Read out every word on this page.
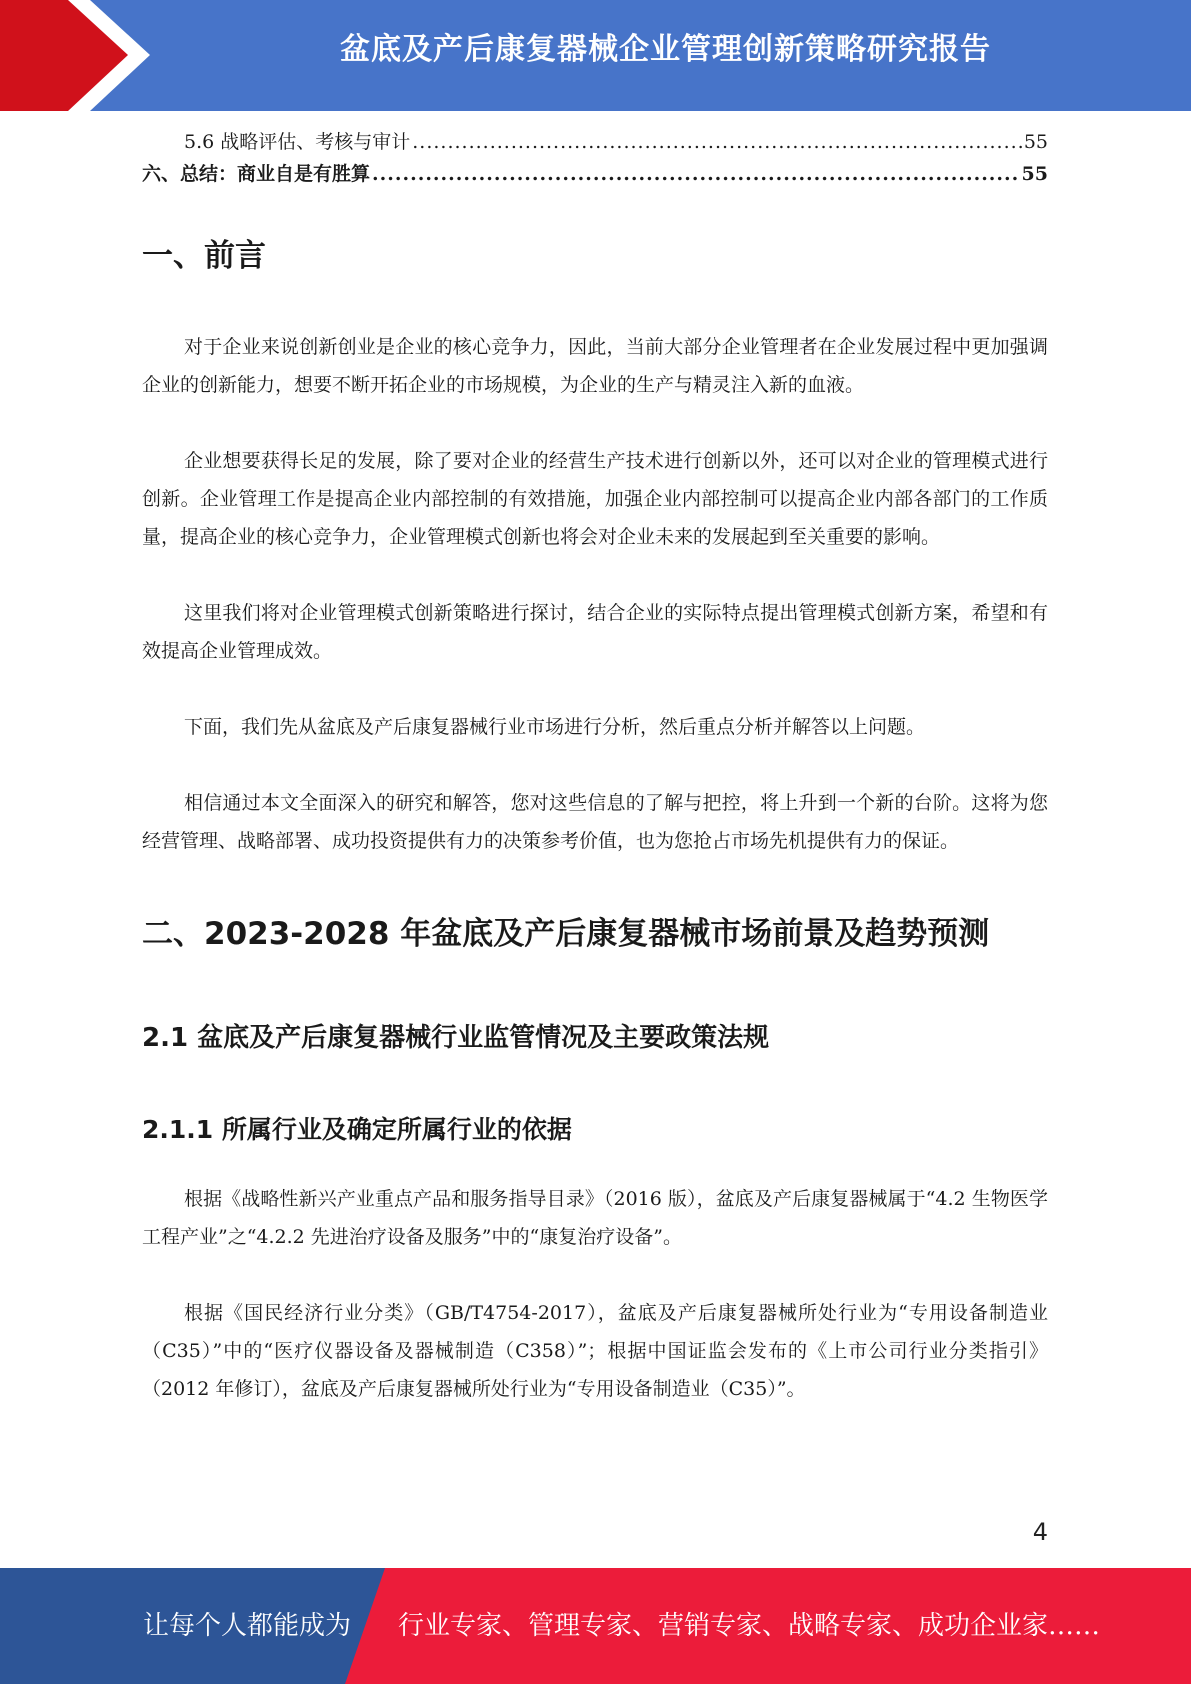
盆底及产后康复器械企业管理创新策略研究报告
5.6 战略评估、考核与审计 .....	55
六、总结：商业自是有胜算 .....	55
一、前言

对于企业来说创新创业是企业的核心竞争力，因此，当前大部分企业管理者在企业发展过程中更加强调企业的创新能力，想要不断开拓企业的市场规模，为企业的生产与精灵注入新的血液。

企业想要获得长足的发展，除了要对企业的经营生产技术进行创新以外，还可以对企业的管理模式进行创新。企业管理工作是提高企业内部控制的有效措施，加强企业内部控制可以提高企业内部各部门的工作质量，提高企业的核心竞争力，企业管理模式创新也将会对企业未来的发展起到至关重要的影响。

这里我们将对企业管理模式创新策略进行探讨，结合企业的实际特点提出管理模式创新方案，希望和有效提高企业管理成效。

下面，我们先从盆底及产后康复器械行业市场进行分析，然后重点分析并解答以上问题。

相信通过本文全面深入的研究和解答，您对这些信息的了解与把控，将上升到一个新的台阶。这将为您经营管理、战略部署、成功投资提供有力的决策参考价值，也为您抢占市场先机提供有力的保证。

二、2023-2028 年盆底及产后康复器械市场前景及趋势预测
2.1 盆底及产后康复器械行业监管情况及主要政策法规
2.1.1 所属行业及确定所属行业的依据

根据《战略性新兴产业重点产品和服务指导目录》（2016 版），盆底及产后康复器械属于“4.2 生物医学工程产业”之“4.2.2 先进治疗设备及服务”中的“康复治疗设备”。

根据《国民经济行业分类》（GB/T4754-2017），盆底及产后康复器械所处行业为“专用设备制造业（C35）”中的“医疗仪器设备及器械制造（C358）”；根据中国证监会发布的《上市公司行业分类指引》（2012 年修订），盆底及产后康复器械所处行业为“专用设备制造业（C35）”。

4
让每个人都能成为 行业专家、管理专家、营销专家、战略专家、成功企业家……
